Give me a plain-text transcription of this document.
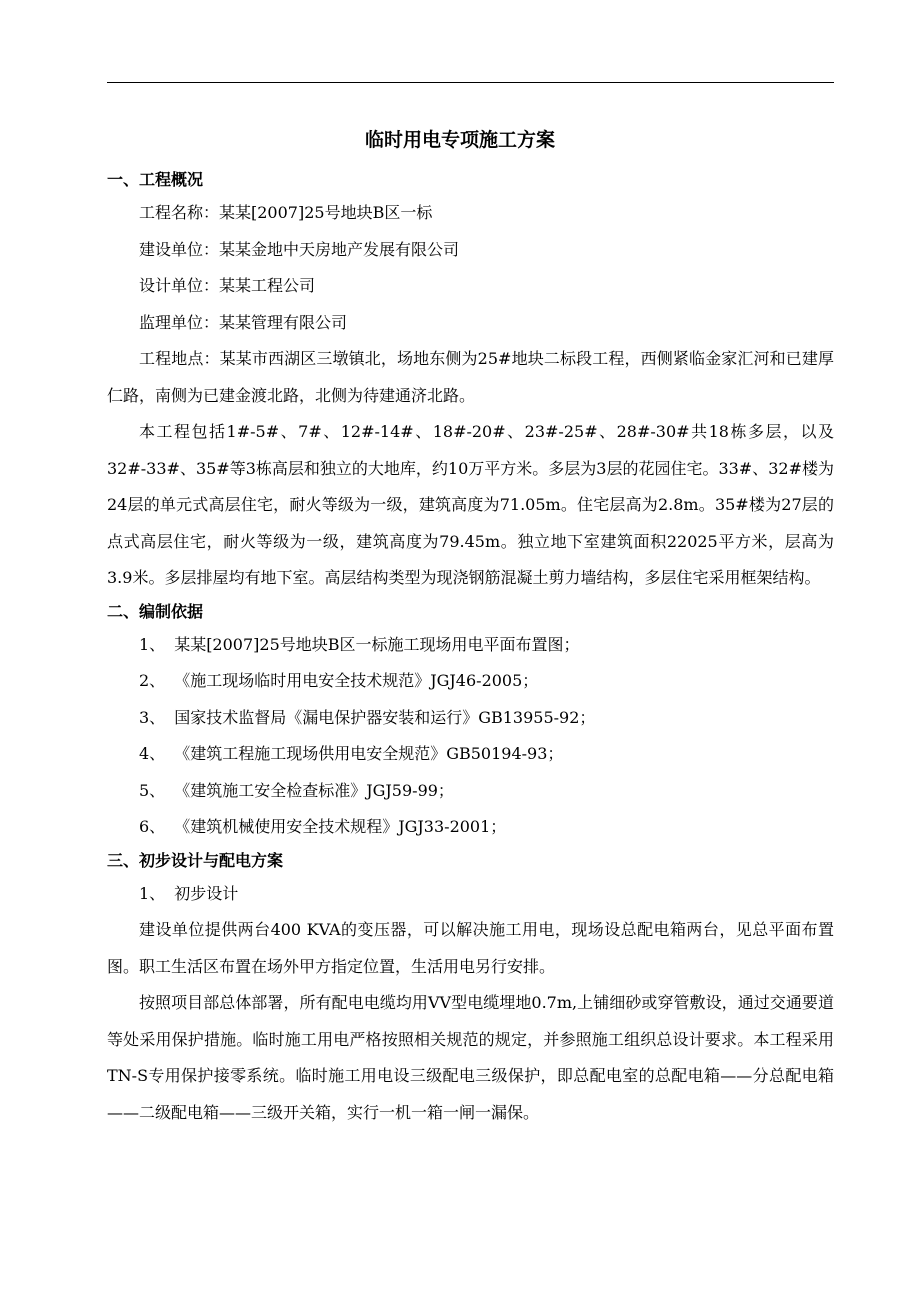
临时用电专项施工方案

一、工程概况

工程名称：某某[2007]25号地块B区一标

建设单位：某某金地中天房地产发展有限公司

设计单位：某某工程公司

监理单位：某某管理有限公司

工程地点：某某市西湖区三墩镇北，场地东侧为25#地块二标段工程，西侧紧临金家汇河和已建厚仁路，南侧为已建金渡北路，北侧为待建通济北路。

本工程包括1#-5#、7#、12#-14#、18#-20#、23#-25#、28#-30#共18栋多层，以及32#-33#、35#等3栋高层和独立的大地库，约10万平方米。多层为3层的花园住宅。33#、32#楼为24层的单元式高层住宅，耐火等级为一级，建筑高度为71.05m。住宅层高为2.8m。35#楼为27层的点式高层住宅，耐火等级为一级，建筑高度为79.45m。独立地下室建筑面积22025平方米，层高为3.9米。多层排屋均有地下室。高层结构类型为现浇钢筋混凝土剪力墙结构，多层住宅采用框架结构。

二、编制依据

1、 某某[2007]25号地块B区一标施工现场用电平面布置图；

2、 《施工现场临时用电安全技术规范》JGJ46-2005；

3、 国家技术监督局《漏电保护器安装和运行》GB13955-92；

4、 《建筑工程施工现场供用电安全规范》GB50194-93；

5、 《建筑施工安全检查标准》JGJ59-99；

6、 《建筑机械使用安全技术规程》JGJ33-2001；

三、初步设计与配电方案

1、 初步设计

建设单位提供两台400 KVA的变压器，可以解决施工用电，现场设总配电箱两台，见总平面布置图。职工生活区布置在场外甲方指定位置，生活用电另行安排。

按照项目部总体部署，所有配电电缆均用VV型电缆埋地0.7m,上铺细砂或穿管敷设，通过交通要道等处采用保护措施。临时施工用电严格按照相关规范的规定，并参照施工组织总设计要求。本工程采用TN-S专用保护接零系统。临时施工用电设三级配电三级保护，即总配电室的总配电箱——分总配电箱——二级配电箱——三级开关箱，实行一机一箱一闸一漏保。
